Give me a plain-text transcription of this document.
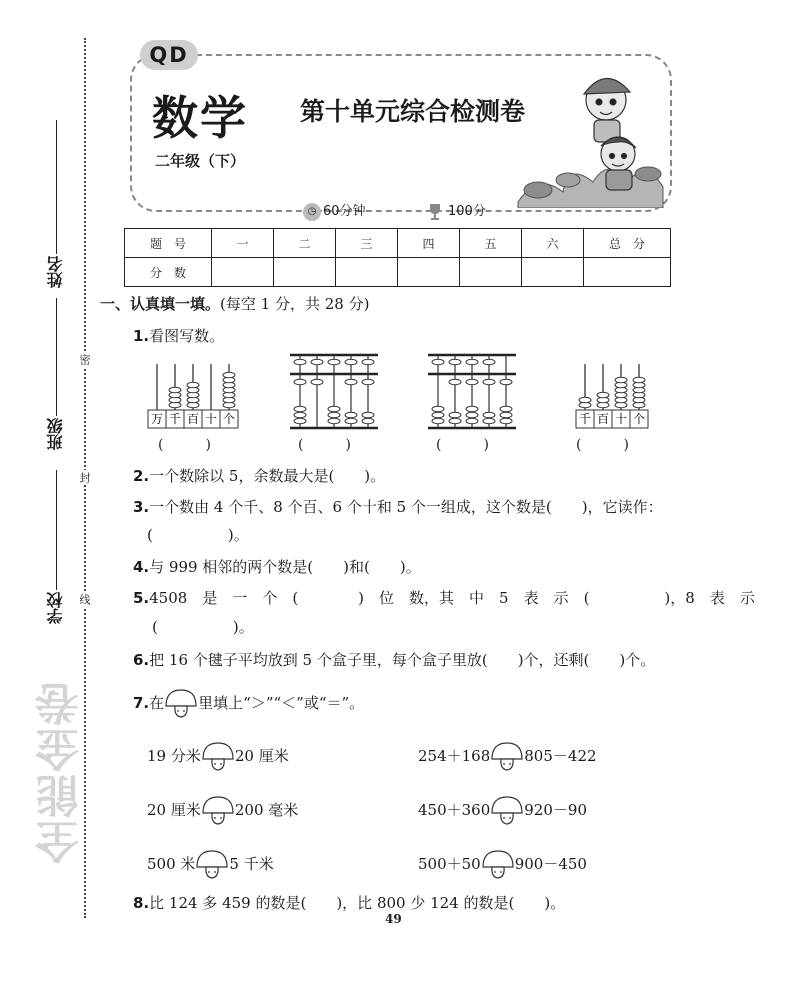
姓名
班级
学校
密
封
线
全能金卷
QD
数学 第十单元综合检测卷
二年级（下）
◷ 60分钟	100分
题　号	一	二	三	四	五	六	总　分
分　数							
一、认真填一填。(每空 1 分，共 28 分)
1.看图写数。
万 千 百 十 个	千 百 十 个
(　　　)	(　　　)	(　　　)	(　　　)
2.一个数除以 5，余数最大是(　　)。
3.一个数由 4 个千、8 个百、6 个十和 5 个一组成，这个数是(　　)，它读作：
(　　　　　)。
4.与 999 相邻的两个数是(　　)和(　　)。
5.4508　是　一　个　(　　　　)　位　数，其　中　5　表　示　(　　　　　)，8　表　示
(　　　　　)。
6.把 16 个毽子平均放到 5 个盒子里，每个盒子里放(　　)个，还剩(　　)个。
7.在 里填上“＞”“＜”或“＝”。
19 分米 20 厘米	254＋168 805－422
20 厘米 200 毫米	450＋360 920－90
500 米 5 千米	500＋50 900－450
8.比 124 多 459 的数是(　　)，比 800 少 124 的数是(　　)。
49
